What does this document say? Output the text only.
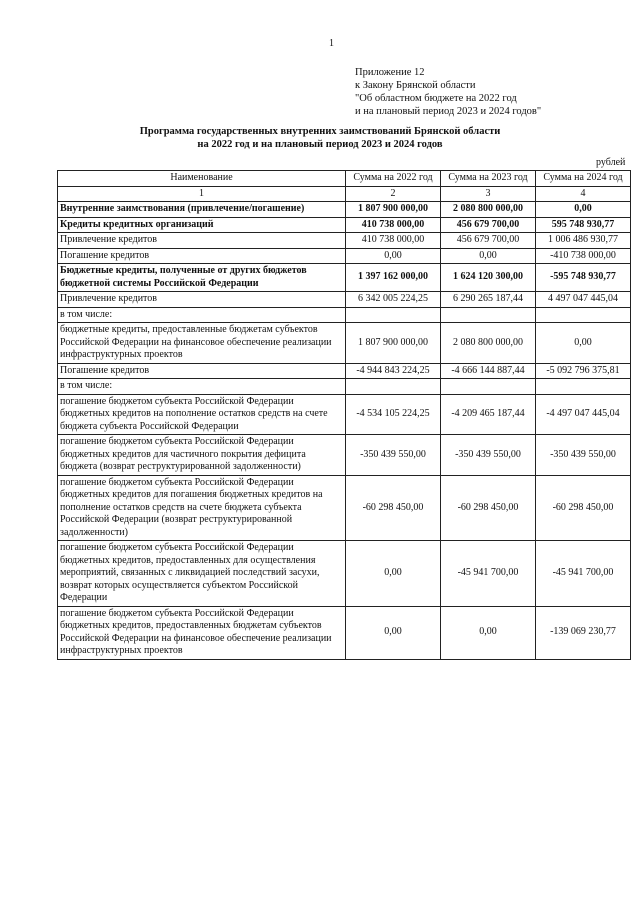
1
Приложение 12
к Закону Брянской области
"Об областном бюджете на 2022 год
и на плановый период 2023 и 2024 годов"
Программа государственных внутренних заимствований Брянской области
на 2022 год и на плановый период 2023 и 2024 годов
рублей
Наименование	Сумма на 2022 год	Сумма на 2023 год	Сумма на 2024 год
1	2	3	4
Внутренние заимствования (привлечение/погашение)	1 807 900 000,00	2 080 800 000,00	0,00
Кредиты кредитных организаций	410 738 000,00	456 679 700,00	595 748 930,77
Привлечение кредитов	410 738 000,00	456 679 700,00	1 006 486 930,77
Погашение кредитов	0,00	0,00	-410 738 000,00
Бюджетные кредиты, полученные от других бюджетов бюджетной системы Российской Федерации	1 397 162 000,00	1 624 120 300,00	-595 748 930,77
Привлечение кредитов	6 342 005 224,25	6 290 265 187,44	4 497 047 445,04
в том числе:			
бюджетные кредиты, предоставленные бюджетам субъектов Российской Федерации на финансовое обеспечение реализации инфраструктурных проектов	1 807 900 000,00	2 080 800 000,00	0,00
Погашение кредитов	-4 944 843 224,25	-4 666 144 887,44	-5 092 796 375,81
в том числе:			
погашение бюджетом субъекта Российской Федерации бюджетных кредитов на пополнение остатков средств на счете бюджета субъекта Российской Федерации	-4 534 105 224,25	-4 209 465 187,44	-4 497 047 445,04
погашение бюджетом субъекта Российской Федерации бюджетных кредитов для частичного покрытия дефицита бюджета (возврат реструктурированной задолженности)	-350 439 550,00	-350 439 550,00	-350 439 550,00
погашение бюджетом субъекта Российской Федерации бюджетных кредитов для погашения бюджетных кредитов на пополнение остатков средств на счете бюджета субъекта Российской Федерации (возврат реструктурированной задолженности)	-60 298 450,00	-60 298 450,00	-60 298 450,00
погашение бюджетом субъекта Российской Федерации бюджетных кредитов, предоставленных для осуществления мероприятий, связанных с ликвидацией последствий засухи, возврат которых осуществляется субъектом Российской Федерации	0,00	-45 941 700,00	-45 941 700,00
погашение бюджетом субъекта Российской Федерации бюджетных кредитов, предоставленных бюджетам субъектов Российской Федерации на финансовое обеспечение реализации инфраструктурных проектов	0,00	0,00	-139 069 230,77
